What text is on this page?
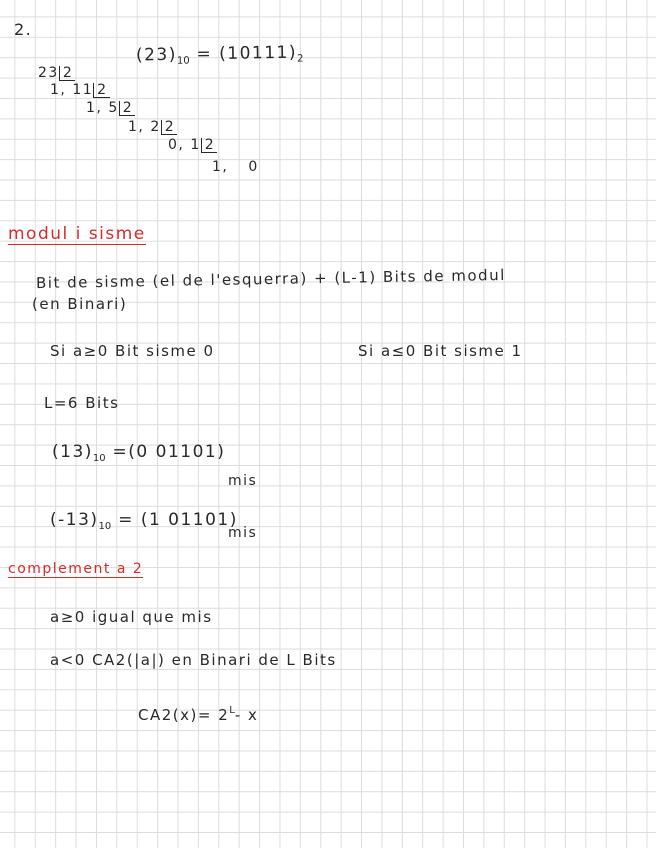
2.
$(23)_{10} = (10111)_2$
23 2
1, 11 2
1, 5 2
1, 2 2
0, 1 2
1, 0
modul i sisme
Bit de sisme (el de l'esquerra) + (L-1) Bits de modul
(en Binari)
Si a≥0 Bit sisme 0	Si a≤0 Bit sisme 1
L=6 Bits
$(13)_{10} =(0$ 01101)
mis
$(-13)_{10} = (1$ 01101)
mis
complement a 2
a≥0 igual que mis
a<0 CA2(|a|) en Binari de L Bits
$CA2(x)= 2^L-$ x
